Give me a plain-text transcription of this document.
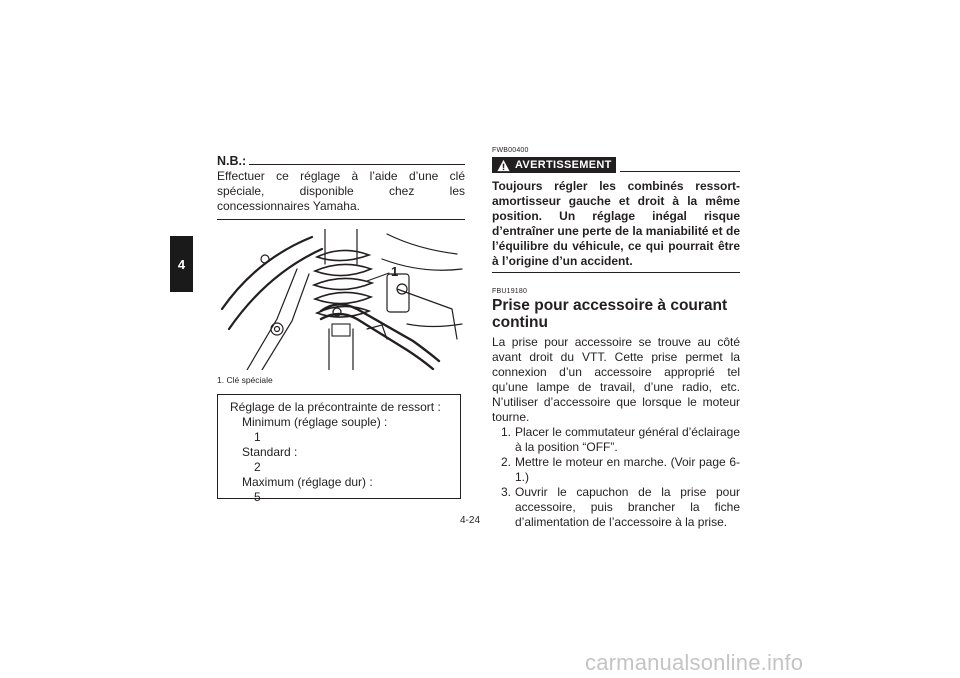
4
N.B.:
Effectuer ce réglage à l’aide d’une clé spéciale, disponible chez les concessionnaires Yamaha.
1
1. Clé spéciale
Réglage de la précontrainte de ressort :
Minimum (réglage souple) :
1
Standard :
2
Maximum (réglage dur) :
5
FWB00400
AVERTISSEMENT
Toujours régler les combinés ressort-amortisseur gauche et droit à la même position. Un réglage inégal risque d’entraîner une perte de la maniabilité et de l’équilibre du véhicule, ce qui pourrait être à l’origine d’un accident.
FBU19180
Prise pour accessoire à courant continu
La prise pour accessoire se trouve au côté avant droit du VTT. Cette prise permet la connexion d’un accessoire approprié tel qu’une lampe de travail, d’une radio, etc. N’utiliser d’accessoire que lorsque le moteur tourne.
1. Placer le commutateur général d’éclairage à la position “OFF”.
2. Mettre le moteur en marche. (Voir page 6-1.)
3. Ouvrir le capuchon de la prise pour accessoire, puis brancher la fiche d’alimentation de l’accessoire à la prise.
4-24
carmanualsonline.info
